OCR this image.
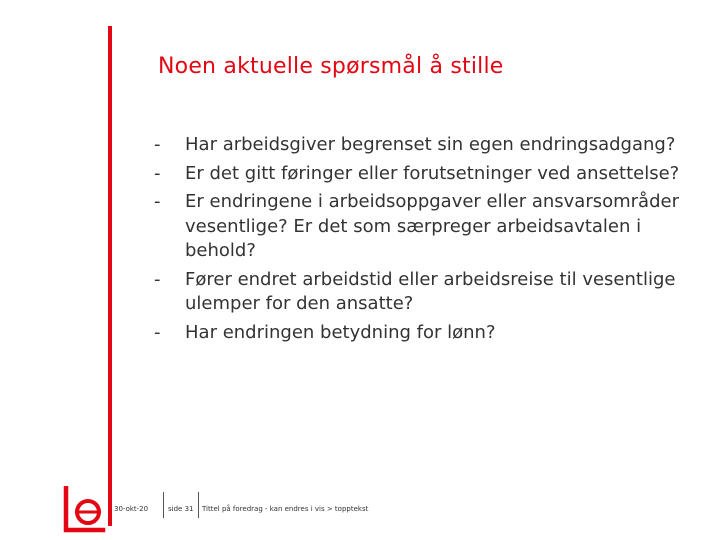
Noen aktuelle spørsmål å stille
-	Har arbeidsgiver begrenset sin egen endringsadgang?
-	Er det gitt føringer eller forutsetninger ved ansettelse?
-	Er endringene i arbeidsoppgaver eller ansvarsområder vesentlige? Er det som særpreger arbeidsavtalen i behold?
-	Fører endret arbeidstid eller arbeidsreise til vesentlige ulemper for den ansatte?
-	Har endringen betydning for lønn?
30-okt-20	side 31 Tittel på foredrag - kan endres i vis > topptekst
